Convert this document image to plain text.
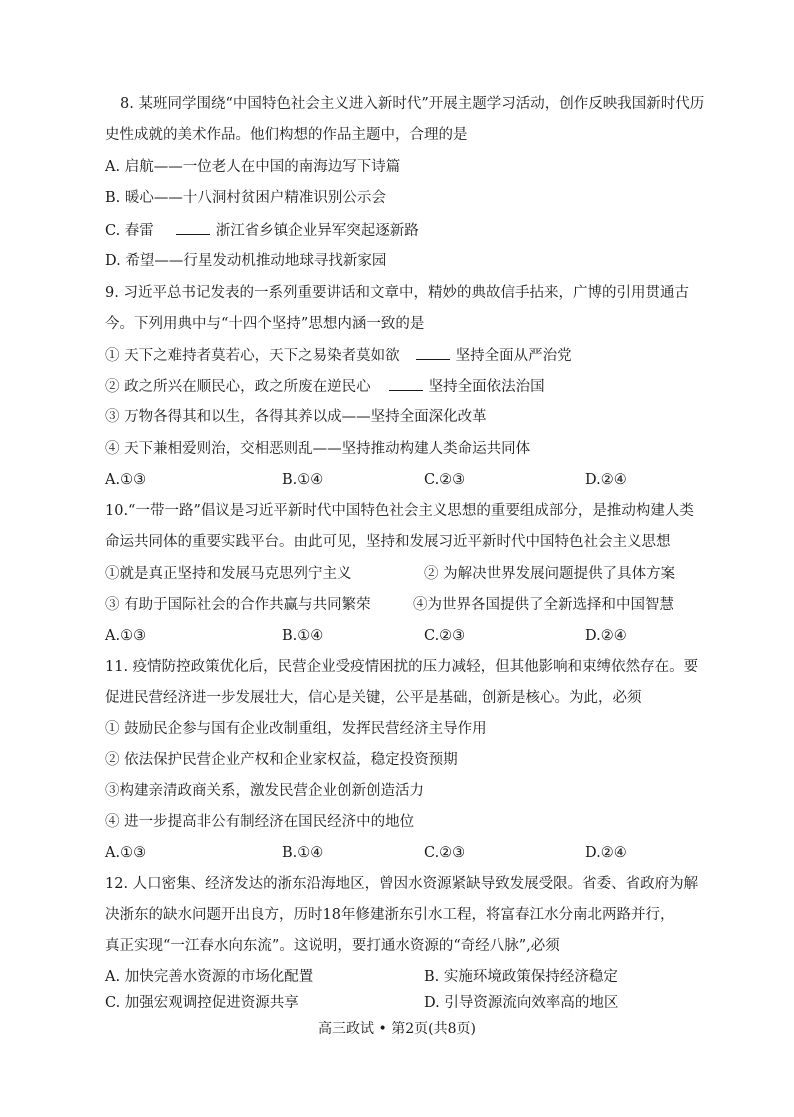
8. 某班同学围绕“中国特色社会主义进入新时代”开展主题学习活动，创作反映我国新时代历
史性成就的美术作品。他们构想的作品主题中，合理的是
A. 启航——一位老人在中国的南海边写下诗篇
B. 暖心——十八洞村贫困户精准识别公示会
C. 春雷	浙江省乡镇企业异军突起逐新路
D. 希望——行星发动机推动地球寻找新家园
9. 习近平总书记发表的一系列重要讲话和文章中，精妙的典故信手拈来，广博的引用贯通古
今。下列用典中与“十四个坚持”思想内涵一致的是
① 天下之难持者莫若心，天下之易染者莫如欲	坚持全面从严治党
② 政之所兴在顺民心，政之所废在逆民心	坚持全面依法治国
③ 万物各得其和以生，各得其养以成——坚持全面深化改革
④ 天下兼相爱则治，交相恶则乱——坚持推动构建人类命运共同体
A.①③	B.①④	C.②③	D.②④
10.“一带一路”倡议是习近平新时代中国特色社会主义思想的重要组成部分，是推动构建人类
命运共同体的重要实践平台。由此可见，坚持和发展习近平新时代中国特色社会主义思想
①就是真正坚持和发展马克思列宁主义	② 为解决世界发展问题提供了具体方案
③ 有助于国际社会的合作共赢与共同繁荣	④为世界各国提供了全新选择和中国智慧
A.①③	B.①④	C.②③	D.②④
11. 疫情防控政策优化后，民营企业受疫情困扰的压力减轻，但其他影响和束缚依然存在。要
促进民营经济进一步发展壮大，信心是关键，公平是基础，创新是核心。为此，必须
① 鼓励民企参与国有企业改制重组，发挥民营经济主导作用
② 依法保护民营企业产权和企业家权益，稳定投资预期
③构建亲清政商关系，激发民营企业创新创造活力
④ 进一步提高非公有制经济在国民经济中的地位
A.①③	B.①④	C.②③	D.②④
12. 人口密集、经济发达的浙东沿海地区，曾因水资源紧缺导致发展受限。省委、省政府为解
决浙东的缺水问题开出良方，历时18年修建浙东引水工程，将富春江水分南北两路并行，
真正实现“一江春水向东流”。这说明，要打通水资源的“奇经八脉”,必须
A. 加快完善水资源的市场化配置	B. 实施环境政策保持经济稳定
C. 加强宏观调控促进资源共享	D. 引导资源流向效率高的地区
高三政试 • 第2页(共8页)
